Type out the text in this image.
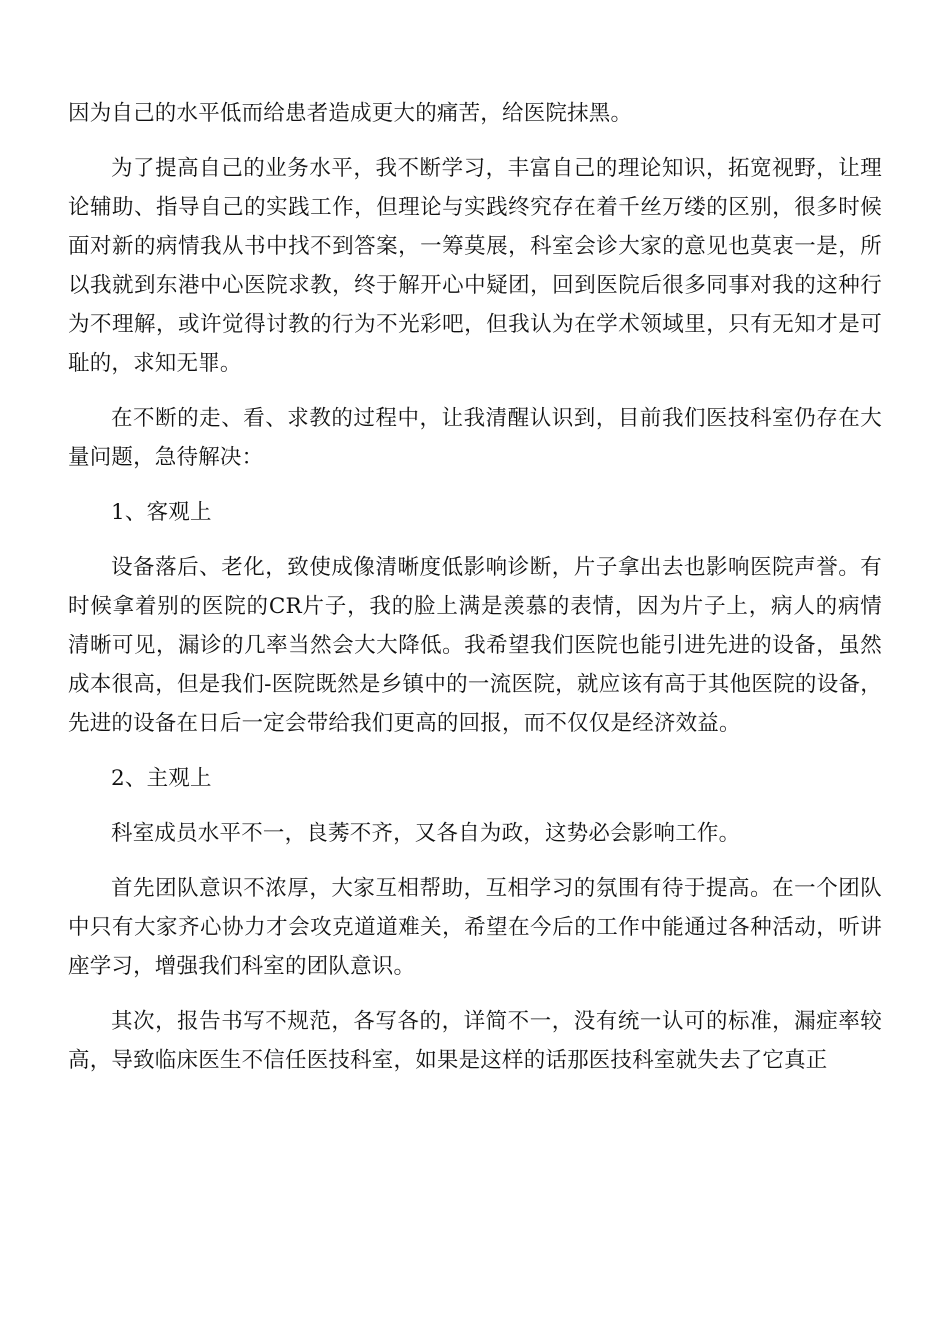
因为自己的水平低而给患者造成更大的痛苦，给医院抹黑。

为了提高自己的业务水平，我不断学习，丰富自己的理论知识，拓宽视野，让理论辅助、指导自己的实践工作，但理论与实践终究存在着千丝万缕的区别，很多时候面对新的病情我从书中找不到答案，一筹莫展，科室会诊大家的意见也莫衷一是，所以我就到东港中心医院求教，终于解开心中疑团，回到医院后很多同事对我的这种行为不理解，或许觉得讨教的行为不光彩吧，但我认为在学术领域里，只有无知才是可耻的，求知无罪。

在不断的走、看、求教的过程中，让我清醒认识到，目前我们医技科室仍存在大量问题，急待解决：

1、客观上

设备落后、老化，致使成像清晰度低影响诊断，片子拿出去也影响医院声誉。有时候拿着别的医院的CR片子，我的脸上满是羡慕的表情，因为片子上，病人的病情清晰可见，漏诊的几率当然会大大降低。我希望我们医院也能引进先进的设备，虽然成本很高，但是我们-医院既然是乡镇中的一流医院，就应该有高于其他医院的设备，先进的设备在日后一定会带给我们更高的回报，而不仅仅是经济效益。

2、主观上

科室成员水平不一，良莠不齐，又各自为政，这势必会影响工作。

首先团队意识不浓厚，大家互相帮助，互相学习的氛围有待于提高。在一个团队中只有大家齐心协力才会攻克道道难关，希望在今后的工作中能通过各种活动，听讲座学习，增强我们科室的团队意识。

其次，报告书写不规范，各写各的，详简不一，没有统一认可的标准，漏症率较高，导致临床医生不信任医技科室，如果是这样的话那医技科室就失去了它真正
